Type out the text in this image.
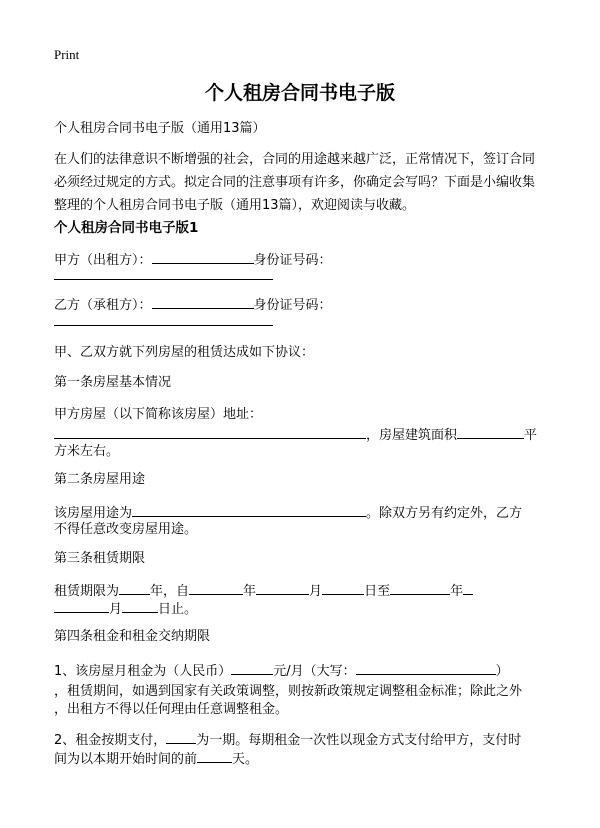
Print
个人租房合同书电子版
个人租房合同书电子版（通用13篇）
在人们的法律意识不断增强的社会，合同的用途越来越广泛，正常情况下，签订合同必须经过规定的方式。拟定合同的注意事项有许多，你确定会写吗？下面是小编收集整理的个人租房合同书电子版（通用13篇），欢迎阅读与收藏。
个人租房合同书电子版1
甲方（出租方）：	身份证号码：
乙方（承租方）：	身份证号码：
甲、乙双方就下列房屋的租赁达成如下协议：
第一条房屋基本情况
甲方房屋（以下简称该房屋）地址：
，房屋建筑面积	平
方米左右。
第二条房屋用途
该房屋用途为	。除双方另有约定外，乙方
不得任意改变房屋用途。
第三条租赁期限
租赁期限为 年，自	年	月	日至	年
月	日止。
第四条租金和租金交纳期限
1、该房屋月租金为（人民币）	元/月（大写：	）
，租赁期间，如遇到国家有关政策调整，则按新政策规定调整租金标准；除此之外
，出租方不得以任何理由任意调整租金。
2、租金按期支付， 为一期。每期租金一次性以现金方式支付给甲方，支付时
间为以本期开始时间的前	天。
